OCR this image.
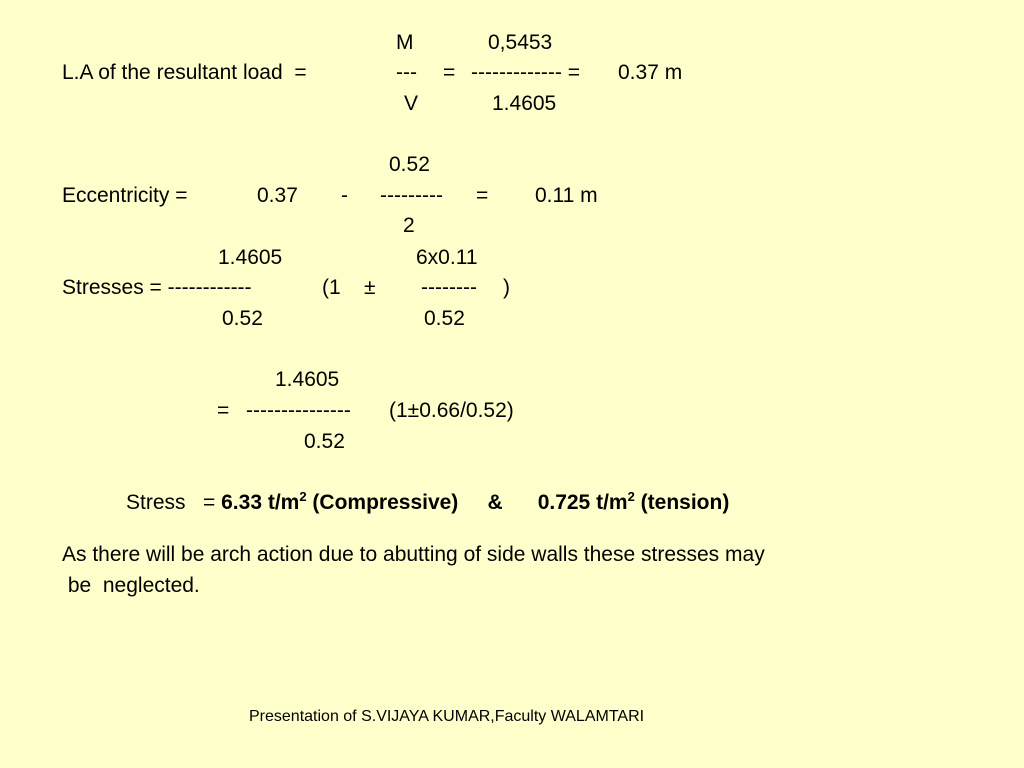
M	0,5453
L.A of the resultant load  =	--- = ------------- = 0.37 m
V	1.4605
0.52
Eccentricity =	0.37 - --------- = 0.11 m
2
1.4605	6x0.11
Stresses = ------------	(1 ± -------- )
0.52	0.52
1.4605
= --------------- (1±0.66/0.52)
0.52
Stress   = 6.33 $t/m^2$ (Compressive) & 0.725 $t/m^2$ (tension)
As there will be arch action due to abutting of side walls these stresses may
be  neglected.
Presentation of S.VIJAYA KUMAR,Faculty WALAMTARI
